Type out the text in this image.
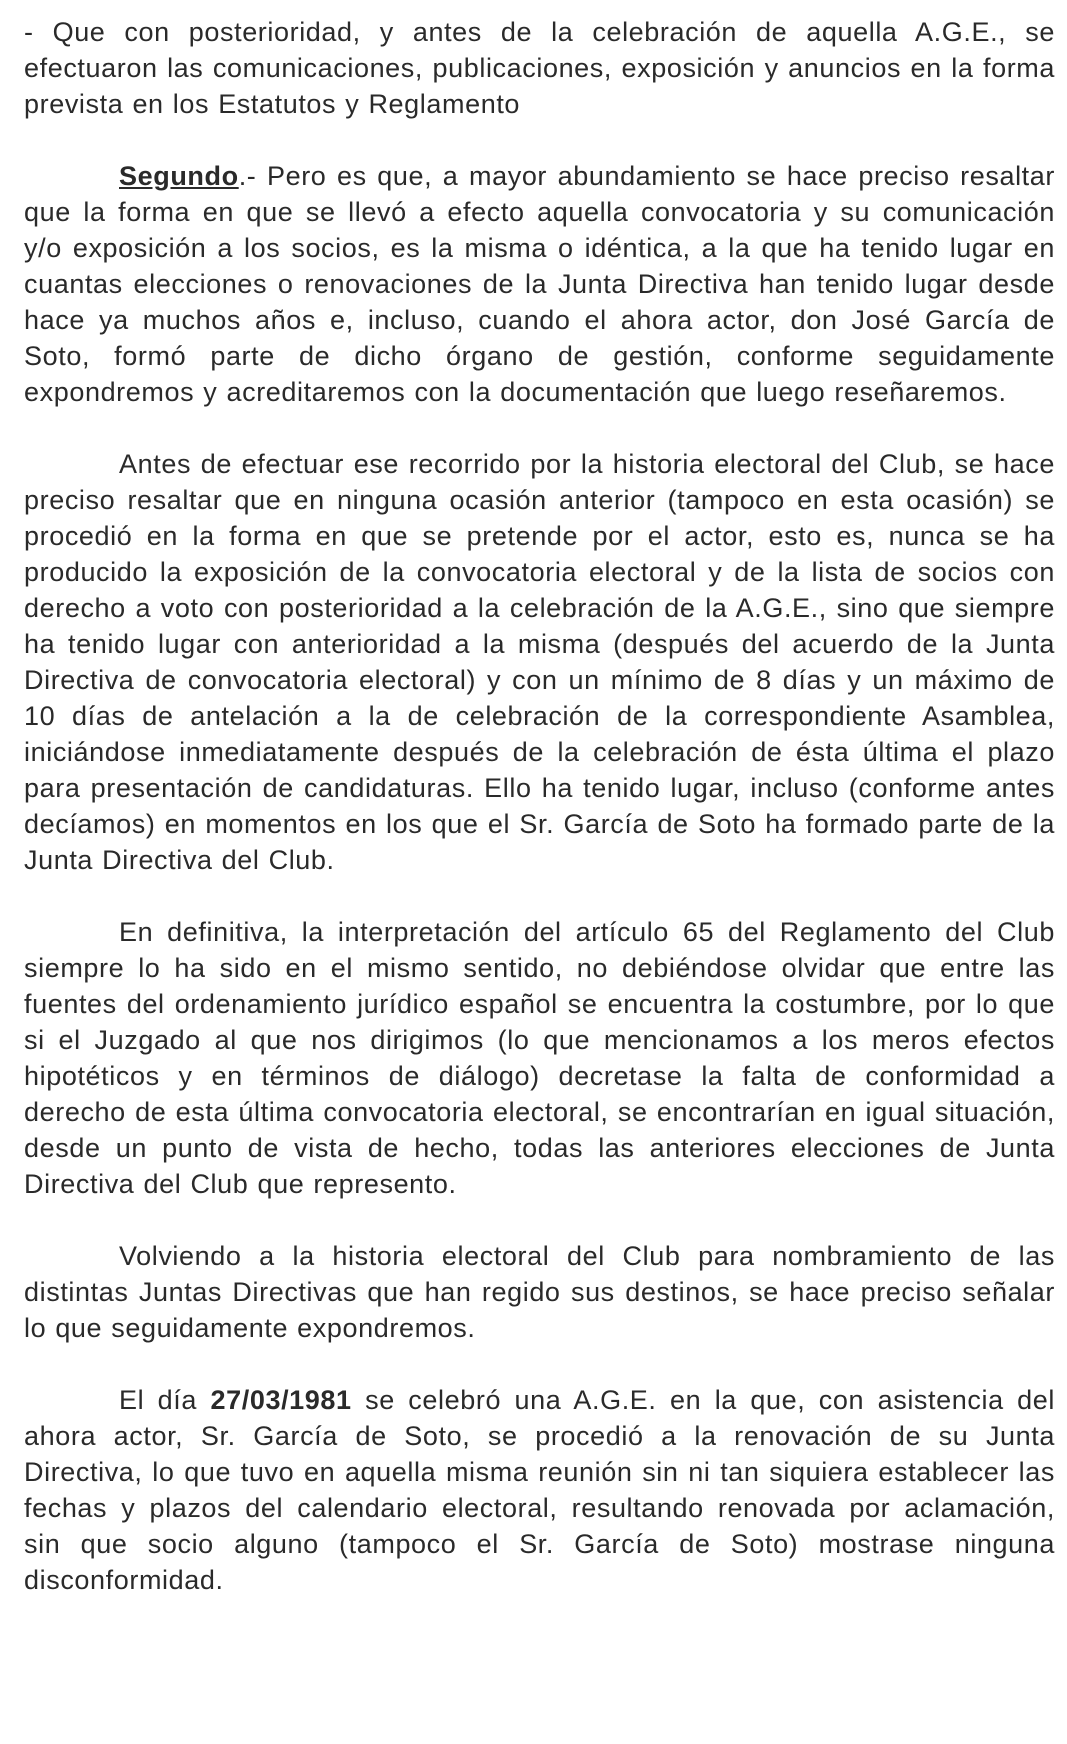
- Que con posterioridad, y antes de la celebración de aquella A.G.E., se efectuaron las comunicaciones, publicaciones, exposición y anuncios en la forma prevista en los Estatutos y Reglamento

Segundo.- Pero es que, a mayor abundamiento se hace preciso resaltar que la forma en que se llevó a efecto aquella convocatoria y su comunicación y/o exposición a los socios, es la misma o idéntica, a la que ha tenido lugar en cuantas elecciones o renovaciones de la Junta Directiva han tenido lugar desde hace ya muchos años e, incluso, cuando el ahora actor, don José García de Soto, formó parte de dicho órgano de gestión, conforme seguidamente expondremos y acreditaremos con la documentación que luego reseñaremos.

Antes de efectuar ese recorrido por la historia electoral del Club, se hace preciso resaltar que en ninguna ocasión anterior (tampoco en esta ocasión) se procedió en la forma en que se pretende por el actor, esto es, nunca se ha producido la exposición de la convocatoria electoral y de la lista de socios con derecho a voto con posterioridad a la celebración de la A.G.E., sino que siempre ha tenido lugar con anterioridad a la misma (después del acuerdo de la Junta Directiva de convocatoria electoral) y con un mínimo de 8 días y un máximo de 10 días de antelación a la de celebración de la correspondiente Asamblea, iniciándose inmediatamente después de la celebración de ésta última el plazo para presentación de candidaturas. Ello ha tenido lugar, incluso (conforme antes decíamos) en momentos en los que el Sr. García de Soto ha formado parte de la Junta Directiva del Club.

En definitiva, la interpretación del artículo 65 del Reglamento del Club siempre lo ha sido en el mismo sentido, no debiéndose olvidar que entre las fuentes del ordenamiento jurídico español se encuentra la costumbre, por lo que si el Juzgado al que nos dirigimos (lo que mencionamos a los meros efectos hipotéticos y en términos de diálogo) decretase la falta de conformidad a derecho de esta última convocatoria electoral, se encontrarían en igual situación, desde un punto de vista de hecho, todas las anteriores elecciones de Junta Directiva del Club que represento.

Volviendo a la historia electoral del Club para nombramiento de las distintas Juntas Directivas que han regido sus destinos, se hace preciso señalar lo que seguidamente expondremos.

El día 27/03/1981 se celebró una A.G.E. en la que, con asistencia del ahora actor, Sr. García de Soto, se procedió a la renovación de su Junta Directiva, lo que tuvo en aquella misma reunión sin ni tan siquiera establecer las fechas y plazos del calendario electoral, resultando renovada por aclamación, sin que socio alguno (tampoco el Sr. García de Soto) mostrase ninguna disconformidad.
